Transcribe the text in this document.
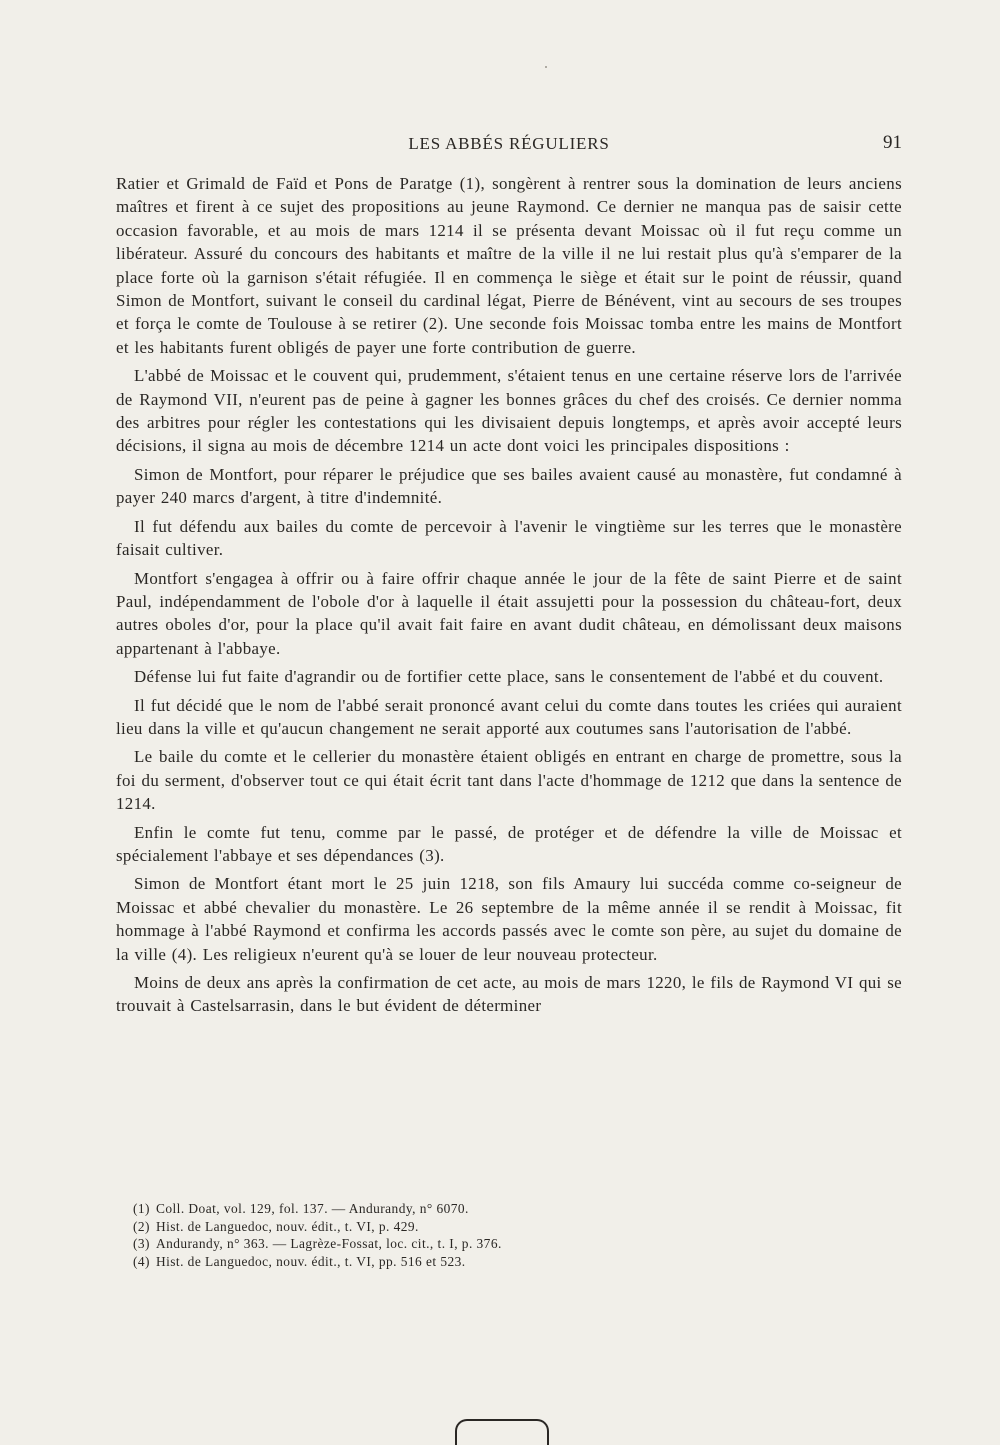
LES ABBÉS RÉGULIERS	91

Ratier et Grimald de Faïd et Pons de Paratge (1), songèrent à rentrer sous la domination de leurs anciens maîtres et firent à ce sujet des propositions au jeune Raymond. Ce dernier ne manqua pas de saisir cette occasion favorable, et au mois de mars 1214 il se présenta devant Moissac où il fut reçu comme un libérateur. Assuré du concours des habitants et maître de la ville il ne lui restait plus qu'à s'emparer de la place forte où la garnison s'était réfugiée. Il en commença le siège et était sur le point de réussir, quand Simon de Montfort, suivant le conseil du cardinal légat, Pierre de Bénévent, vint au secours de ses troupes et força le comte de Toulouse à se retirer (2). Une seconde fois Moissac tomba entre les mains de Montfort et les habitants furent obligés de payer une forte contribution de guerre.

L'abbé de Moissac et le couvent qui, prudemment, s'étaient tenus en une certaine réserve lors de l'arrivée de Raymond VII, n'eurent pas de peine à gagner les bonnes grâces du chef des croisés. Ce dernier nomma des arbitres pour régler les contestations qui les divisaient depuis longtemps, et après avoir accepté leurs décisions, il signa au mois de décembre 1214 un acte dont voici les principales dispositions :

Simon de Montfort, pour réparer le préjudice que ses bailes avaient causé au monastère, fut condamné à payer 240 marcs d'argent, à titre d'indemnité.

Il fut défendu aux bailes du comte de percevoir à l'avenir le vingtième sur les terres que le monastère faisait cultiver.

Montfort s'engagea à offrir ou à faire offrir chaque année le jour de la fête de saint Pierre et de saint Paul, indépendamment de l'obole d'or à laquelle il était assujetti pour la possession du château-fort, deux autres oboles d'or, pour la place qu'il avait fait faire en avant dudit château, en démolissant deux maisons appartenant à l'abbaye.

Défense lui fut faite d'agrandir ou de fortifier cette place, sans le consentement de l'abbé et du couvent.

Il fut décidé que le nom de l'abbé serait prononcé avant celui du comte dans toutes les criées qui auraient lieu dans la ville et qu'aucun changement ne serait apporté aux coutumes sans l'autorisation de l'abbé.

Le baile du comte et le cellerier du monastère étaient obligés en entrant en charge de promettre, sous la foi du serment, d'observer tout ce qui était écrit tant dans l'acte d'hommage de 1212 que dans la sentence de 1214.

Enfin le comte fut tenu, comme par le passé, de protéger et de défendre la ville de Moissac et spécialement l'abbaye et ses dépendances (3).

Simon de Montfort étant mort le 25 juin 1218, son fils Amaury lui succéda comme co-seigneur de Moissac et abbé chevalier du monastère. Le 26 septembre de la même année il se rendit à Moissac, fit hommage à l'abbé Raymond et confirma les accords passés avec le comte son père, au sujet du domaine de la ville (4). Les religieux n'eurent qu'à se louer de leur nouveau protecteur.

Moins de deux ans après la confirmation de cet acte, au mois de mars 1220, le fils de Raymond VI qui se trouvait à Castelsarrasin, dans le but évident de déterminer

(1) Coll. Doat, vol. 129, fol. 137. — Andurandy, n° 6070.

(2) Hist. de Languedoc, nouv. édit., t. VI, p. 429.

(3) Andurandy, n° 363. — Lagrèze-Fossat, loc. cit., t. I, p. 376.

(4) Hist. de Languedoc, nouv. édit., t. VI, pp. 516 et 523.
